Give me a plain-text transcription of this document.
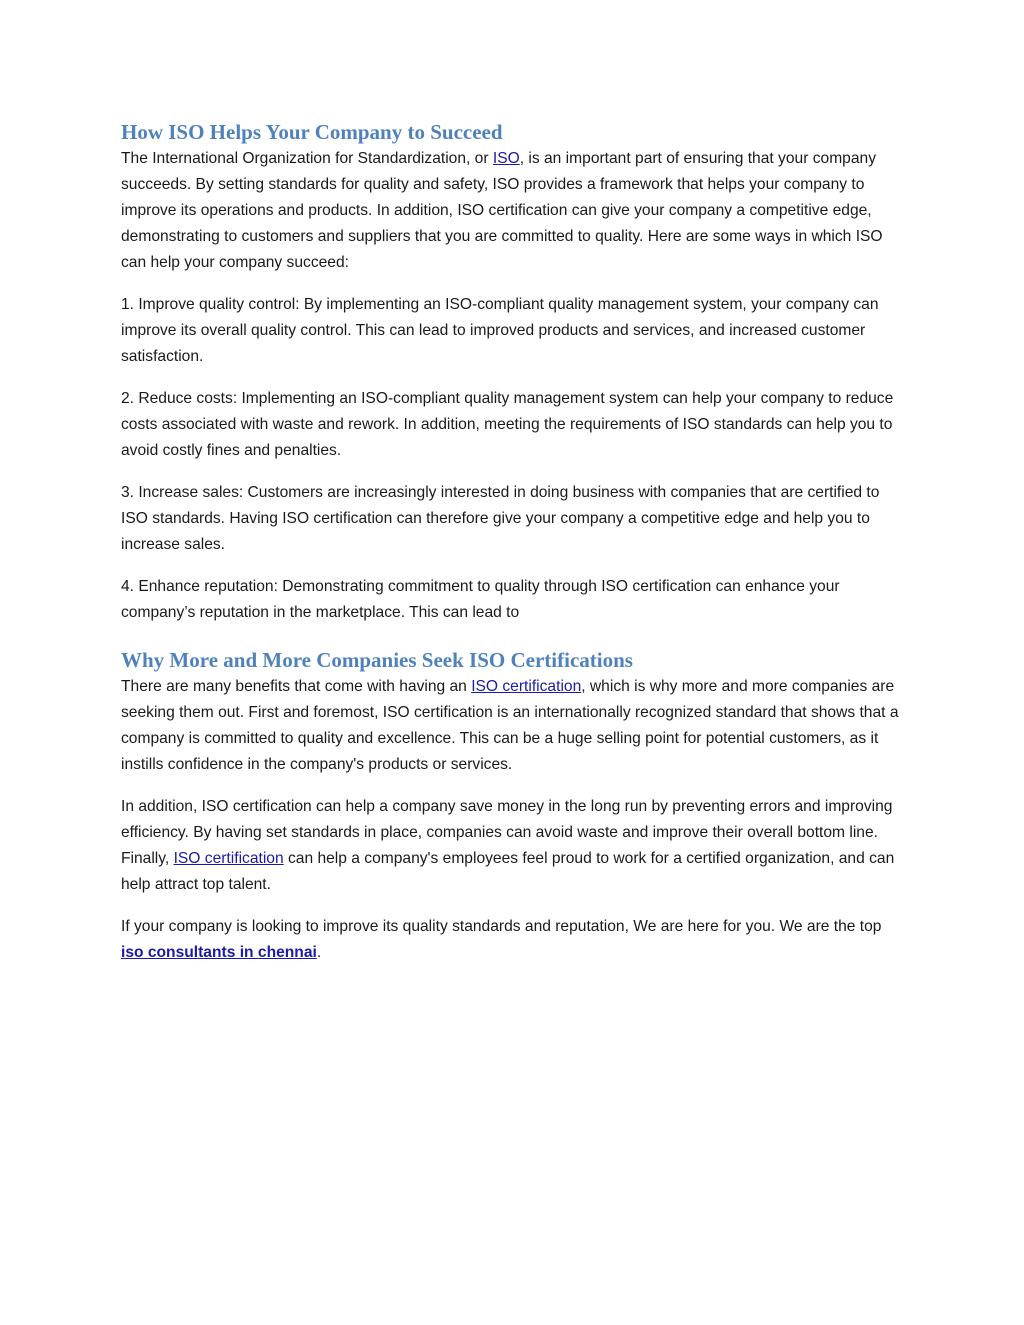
How ISO Helps Your Company to Succeed

The International Organization for Standardization, or ISO, is an important part of ensuring that your company succeeds. By setting standards for quality and safety, ISO provides a framework that helps your company to improve its operations and products. In addition, ISO certification can give your company a competitive edge, demonstrating to customers and suppliers that you are committed to quality. Here are some ways in which ISO can help your company succeed:

1. Improve quality control: By implementing an ISO-compliant quality management system, your company can improve its overall quality control. This can lead to improved products and services, and increased customer satisfaction.

2. Reduce costs: Implementing an ISO-compliant quality management system can help your company to reduce costs associated with waste and rework. In addition, meeting the requirements of ISO standards can help you to avoid costly fines and penalties.

3. Increase sales: Customers are increasingly interested in doing business with companies that are certified to ISO standards. Having ISO certification can therefore give your company a competitive edge and help you to increase sales.

4. Enhance reputation: Demonstrating commitment to quality through ISO certification can enhance your company’s reputation in the marketplace. This can lead to

Why More and More Companies Seek ISO Certifications

There are many benefits that come with having an ISO certification, which is why more and more companies are seeking them out. First and foremost, ISO certification is an internationally recognized standard that shows that a company is committed to quality and excellence. This can be a huge selling point for potential customers, as it instills confidence in the company's products or services.

In addition, ISO certification can help a company save money in the long run by preventing errors and improving efficiency. By having set standards in place, companies can avoid waste and improve their overall bottom line. Finally, ISO certification can help a company's employees feel proud to work for a certified organization, and can help attract top talent.

If your company is looking to improve its quality standards and reputation, We are here for you. We are the top iso consultants in chennai.
